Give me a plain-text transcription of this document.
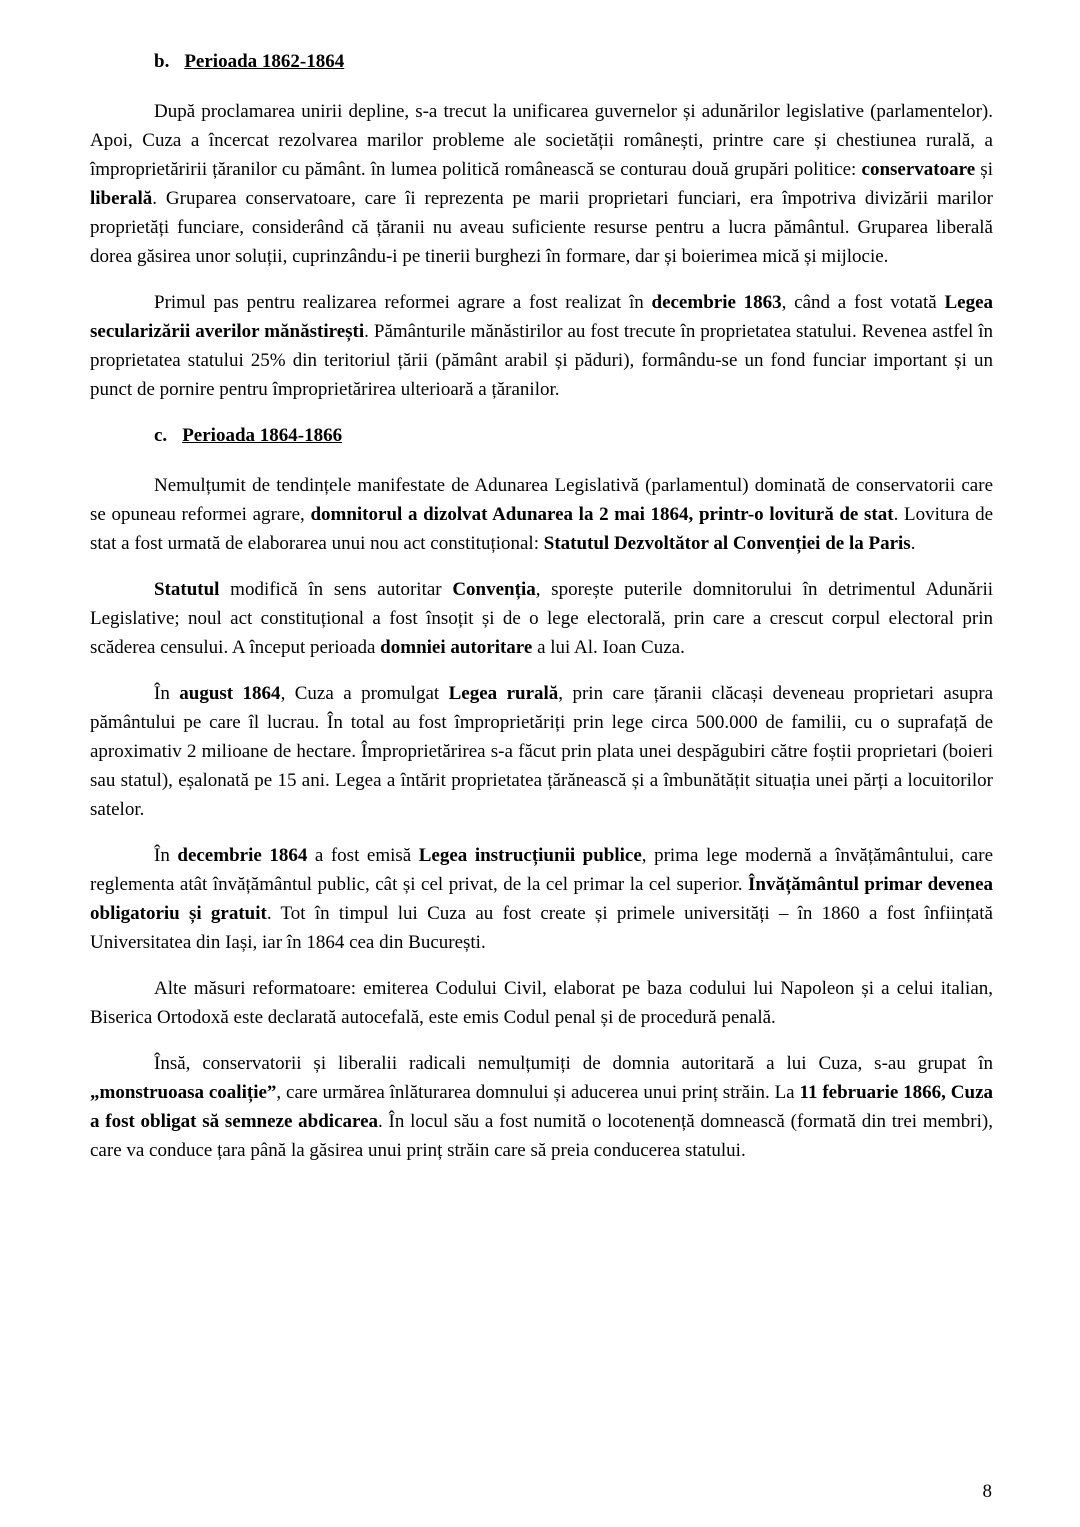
b. Perioada 1862-1864

După proclamarea unirii depline, s-a trecut la unificarea guvernelor și adunărilor legislative (parlamentelor). Apoi, Cuza a încercat rezolvarea marilor probleme ale societății românești, printre care și chestiunea rurală, a împroprietăririi țăranilor cu pământ. în lumea politică românească se conturau două grupări politice: conservatoare și liberală. Gruparea conservatoare, care îi reprezenta pe marii proprietari funciari, era împotriva divizării marilor proprietăți funciare, considerând că țăranii nu aveau suficiente resurse pentru a lucra pământul. Gruparea liberală dorea găsirea unor soluții, cuprinzându-i pe tinerii burghezi în formare, dar și boierimea mică și mijlocie.

Primul pas pentru realizarea reformei agrare a fost realizat în decembrie 1863, când a fost votată Legea secularizării averilor mănăstirești. Pământurile mănăstirilor au fost trecute în proprietatea statului. Revenea astfel în proprietatea statului 25% din teritoriul țării (pământ arabil și păduri), formându-se un fond funciar important și un punct de pornire pentru împroprietărirea ulterioară a țăranilor.

c. Perioada 1864-1866

Nemulțumit de tendințele manifestate de Adunarea Legislativă (parlamentul) dominată de conservatorii care se opuneau reformei agrare, domnitorul a dizolvat Adunarea la 2 mai 1864, printr-o lovitură de stat. Lovitura de stat a fost urmată de elaborarea unui nou act constituțional: Statutul Dezvoltător al Convenției de la Paris.

Statutul modifică în sens autoritar Convenția, sporește puterile domnitorului în detrimentul Adunării Legislative; noul act constituțional a fost însoțit și de o lege electorală, prin care a crescut corpul electoral prin scăderea censului. A început perioada domniei autoritare a lui Al. Ioan Cuza.

În august 1864, Cuza a promulgat Legea rurală, prin care țăranii clăcași deveneau proprietari asupra pământului pe care îl lucrau. În total au fost împroprietăriți prin lege circa 500.000 de familii, cu o suprafață de aproximativ 2 milioane de hectare. Împroprietărirea s-a făcut prin plata unei despăgubiri către foștii proprietari (boieri sau statul), eșalonată pe 15 ani. Legea a întărit proprietatea țărănească și a îmbunătățit situația unei părți a locuitorilor satelor.

În decembrie 1864 a fost emisă Legea instrucțiunii publice, prima lege modernă a învățământului, care reglementa atât învățământul public, cât și cel privat, de la cel primar la cel superior. Învățământul primar devenea obligatoriu și gratuit. Tot în timpul lui Cuza au fost create și primele universități – în 1860 a fost înființată Universitatea din Iași, iar în 1864 cea din București.

Alte măsuri reformatoare: emiterea Codului Civil, elaborat pe baza codului lui Napoleon și a celui italian, Biserica Ortodoxă este declarată autocefală, este emis Codul penal și de procedură penală.

Însă, conservatorii și liberalii radicali nemulțumiți de domnia autoritară a lui Cuza, s-au grupat în „monstruoasa coaliție”, care urmărea înlăturarea domnului și aducerea unui prinț străin. La 11 februarie 1866, Cuza a fost obligat să semneze abdicarea. În locul său a fost numită o locotenență domnească (formată din trei membri), care va conduce țara până la găsirea unui prinț străin care să preia conducerea statului.

8
